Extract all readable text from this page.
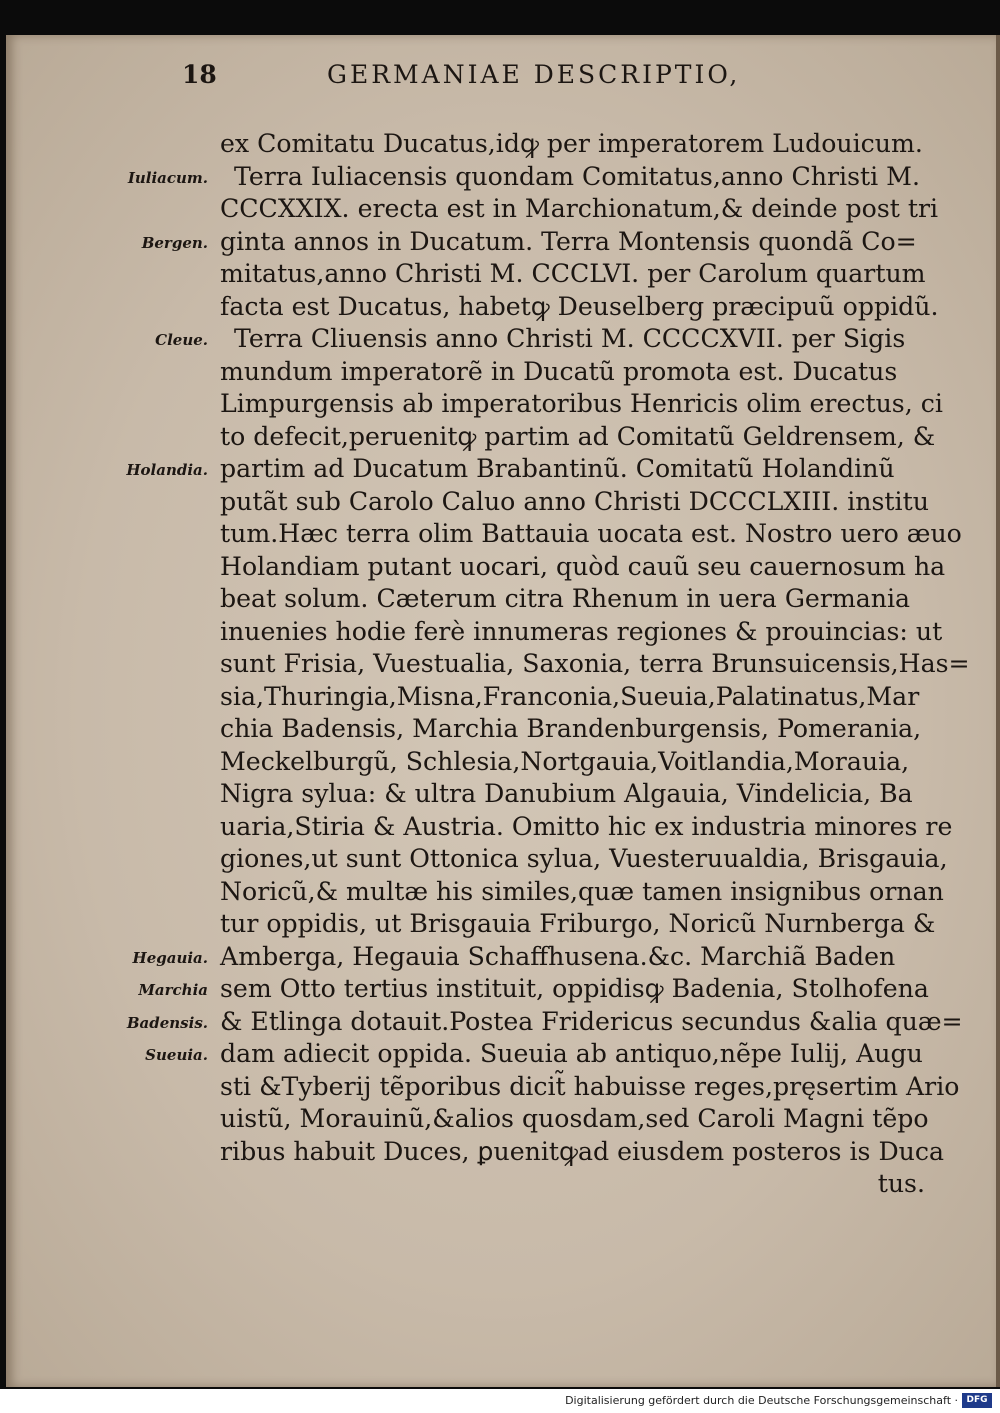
18	GERMANIAE DESCRIPTIO,
ex Comitatu Ducatus,idꝙ per imperatorem Ludouicum.
Terra Iuliacensis quondam Comitatus,anno Christi M.
CCCXXIX. erecta est in Marchionatum,& deinde post tri
ginta annos in Ducatum. Terra Montensis quondã Co=
mitatus,anno Christi M. CCCLVI. per Carolum quartum
facta est Ducatus, habetꝙ Deuselberg præcipuũ oppidũ.
Terra Cliuensis anno Christi M. CCCCXVII. per Sigis
mundum imperatorẽ in Ducatũ promota est. Ducatus
Limpurgensis ab imperatoribus Henricis olim erectus, ci
to defecit,peruenitꝙ partim ad Comitatũ Geldrensem, &
partim ad Ducatum Brabantinũ. Comitatũ Holandinũ
putãt sub Carolo Caluo anno Christi DCCCLXIII. institu
tum.Hæc terra olim Battauia uocata est. Nostro uero æuo
Holandiam putant uocari, quòd cauũ seu cauernosum ha
beat solum. Cæterum citra Rhenum in uera Germania
inuenies hodie ferè innumeras regiones & prouincias: ut
sunt Frisia, Vuestualia, Saxonia, terra Brunsuicensis,Has=
sia,Thuringia,Misna,Franconia,Sueuia,Palatinatus,Mar
chia Badensis, Marchia Brandenburgensis, Pomerania,
Meckelburgũ, Schlesia,Nortgauia,Voitlandia,Morauia,
Nigra sylua: & ultra Danubium Algauia, Vindelicia, Ba
uaria,Stiria & Austria. Omitto hic ex industria minores re
giones,ut sunt Ottonica sylua, Vuesteruualdia, Brisgauia,
Noricũ,& multæ his similes,quæ tamen insignibus ornan
tur oppidis, ut Brisgauia Friburgo, Noricũ Nurnberga &
Amberga, Hegauia Schaffhusena.&c. Marchiã Baden
sem Otto tertius instituit, oppidisꝙ Badenia, Stolhofena
& Etlinga dotauit.Postea Fridericus secundus &alia quæ=
dam adiecit oppida. Sueuia ab antiquo,nẽpe Iulij, Augu
sti &Tyberij tẽporibus dicit̃ habuisse reges,pręsertim Ario
uistũ, Morauinũ,&alios quosdam,sed Caroli Magni tẽpo
ribus habuit Duces, ꝑuenitꝙad eiusdem posteros is Duca
tus.
Iuliacum.
Bergen.
Cleue.
Holandia.
Hegauia.
Marchia
Badensis.
Sueuia.
Digitalisierung gefördert durch die Deutsche Forschungsgemeinschaft · DFG
